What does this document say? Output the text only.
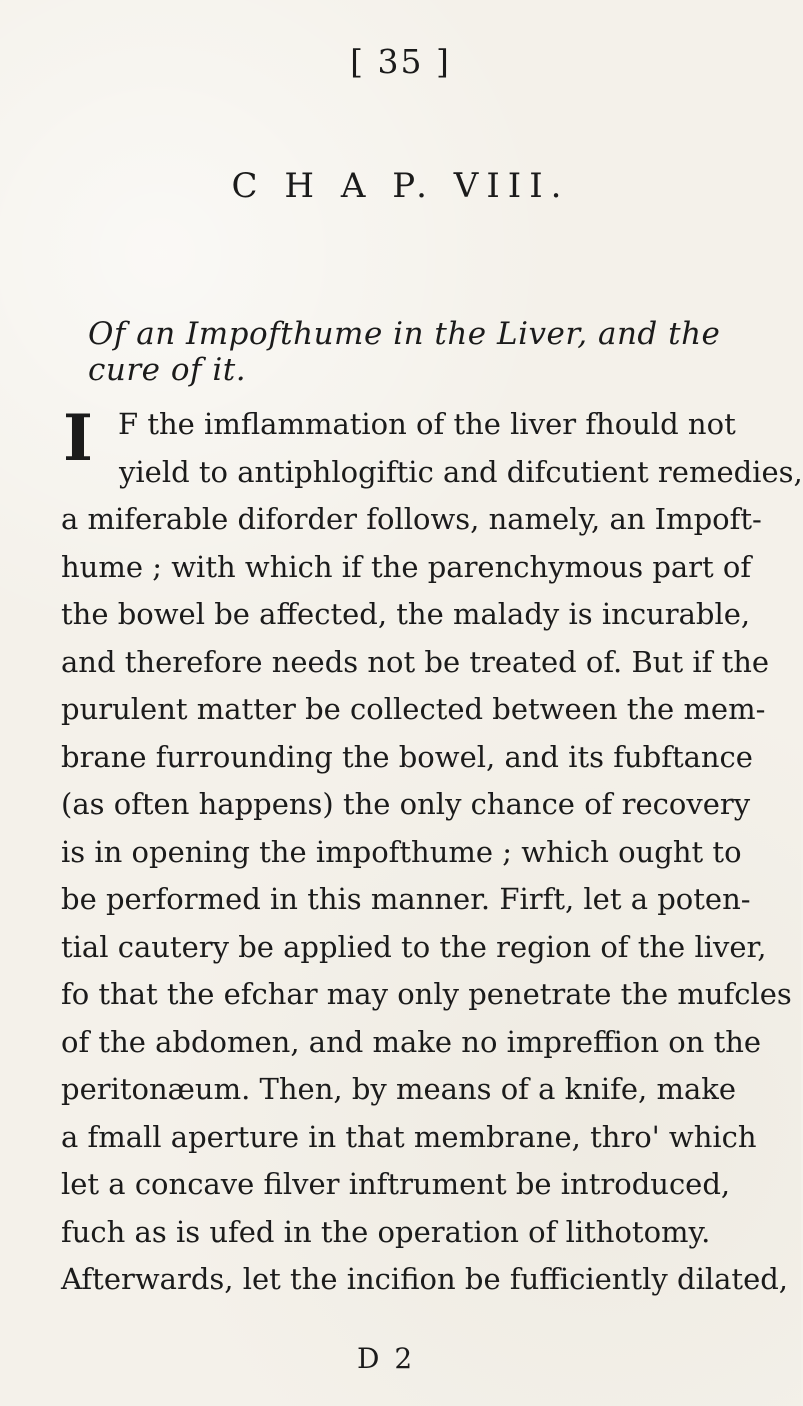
[ 35 ]
C H A P. VIII.
Of an Impofthume in the Liver, and the cure of it.
I F the imflammation of the liver fhould not
yield to antiphlogiftic and difcutient remedies,
a miferable diforder follows, namely, an Impoft-
hume ; with which if the parenchymous part of
the bowel be affected, the malady is incurable,
and therefore needs not be treated of. But if the
purulent matter be collected between the mem-
brane furrounding the bowel, and its fubftance
(as often happens) the only chance of recovery
is in opening the impofthume ; which ought to
be performed in this manner. Firft, let a poten-
tial cautery be applied to the region of the liver,
fo that the efchar may only penetrate the mufcles
of the abdomen, and make no impreffion on the
peritonæum. Then, by means of a knife, make
a fmall aperture in that membrane, thro' which
let a concave filver inftrument be introduced,
fuch as is ufed in the operation of lithotomy.
Afterwards, let the incifion be fufficiently dilated,
D 2
